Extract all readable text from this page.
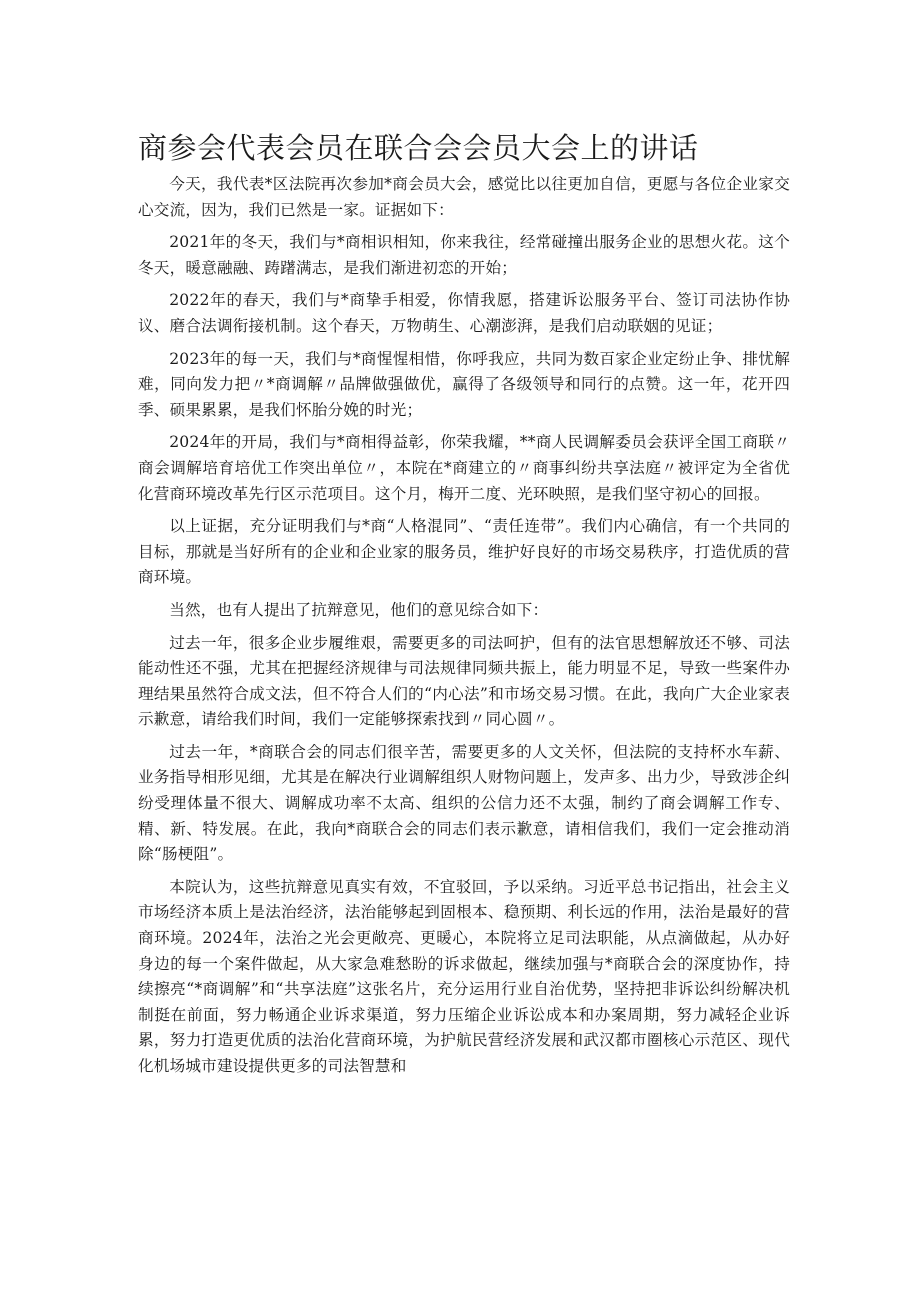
商参会代表会员在联合会会员大会上的讲话

今天，我代表*区法院再次参加*商会员大会，感觉比以往更加自信，更愿与各位企业家交心交流，因为，我们已然是一家。证据如下：

2021年的冬天，我们与*商相识相知，你来我往，经常碰撞出服务企业的思想火花。这个冬天，暖意融融、踌躇满志，是我们渐进初恋的开始；

2022年的春天，我们与*商挚手相爱，你情我愿，搭建诉讼服务平台、签订司法协作协议、磨合法调衔接机制。这个春天，万物萌生、心潮澎湃，是我们启动联姻的见证；

2023年的每一天，我们与*商惺惺相惜，你呼我应，共同为数百家企业定纷止争、排忧解难，同向发力把〃*商调解〃品牌做强做优，赢得了各级领导和同行的点赞。这一年，花开四季、硕果累累，是我们怀胎分娩的时光；

2024年的开局，我们与*商相得益彰，你荣我耀，**商人民调解委员会获评全国工商联〃商会调解培育培优工作突出单位〃，本院在*商建立的〃商事纠纷共享法庭〃被评定为全省优化营商环境改革先行区示范项目。这个月，梅开二度、光环映照，是我们坚守初心的回报。

以上证据，充分证明我们与*商“人格混同”、“责任连带”。我们内心确信，有一个共同的目标，那就是当好所有的企业和企业家的服务员，维护好良好的市场交易秩序，打造优质的营商环境。

当然，也有人提出了抗辩意见，他们的意见综合如下：

过去一年，很多企业步履维艰，需要更多的司法呵护，但有的法官思想解放还不够、司法能动性还不强，尤其在把握经济规律与司法规律同频共振上，能力明显不足，导致一些案件办理结果虽然符合成文法，但不符合人们的“内心法”和市场交易习惯。在此，我向广大企业家表示歉意，请给我们时间，我们一定能够探索找到〃同心圆〃。

过去一年，*商联合会的同志们很辛苦，需要更多的人文关怀，但法院的支持杯水车薪、业务指导相形见细，尤其是在解决行业调解组织人财物问题上，发声多、出力少，导致涉企纠纷受理体量不很大、调解成功率不太高、组织的公信力还不太强，制约了商会调解工作专、精、新、特发展。在此，我向*商联合会的同志们表示歉意，请相信我们，我们一定会推动消除“肠梗阻”。

本院认为，这些抗辩意见真实有效，不宜驳回，予以采纳。习近平总书记指出，社会主义市场经济本质上是法治经济，法治能够起到固根本、稳预期、利长远的作用，法治是最好的营商环境。2024年，法治之光会更敞亮、更暖心，本院将立足司法职能，从点滴做起，从办好身边的每一个案件做起，从大家急难愁盼的诉求做起，继续加强与*商联合会的深度协作，持续擦亮“*商调解”和“共享法庭”这张名片，充分运用行业自治优势，坚持把非诉讼纠纷解决机制挺在前面，努力畅通企业诉求渠道，努力压缩企业诉讼成本和办案周期，努力减轻企业诉累，努力打造更优质的法治化营商环境，为护航民营经济发展和武汉都市圈核心示范区、现代化机场城市建设提供更多的司法智慧和
